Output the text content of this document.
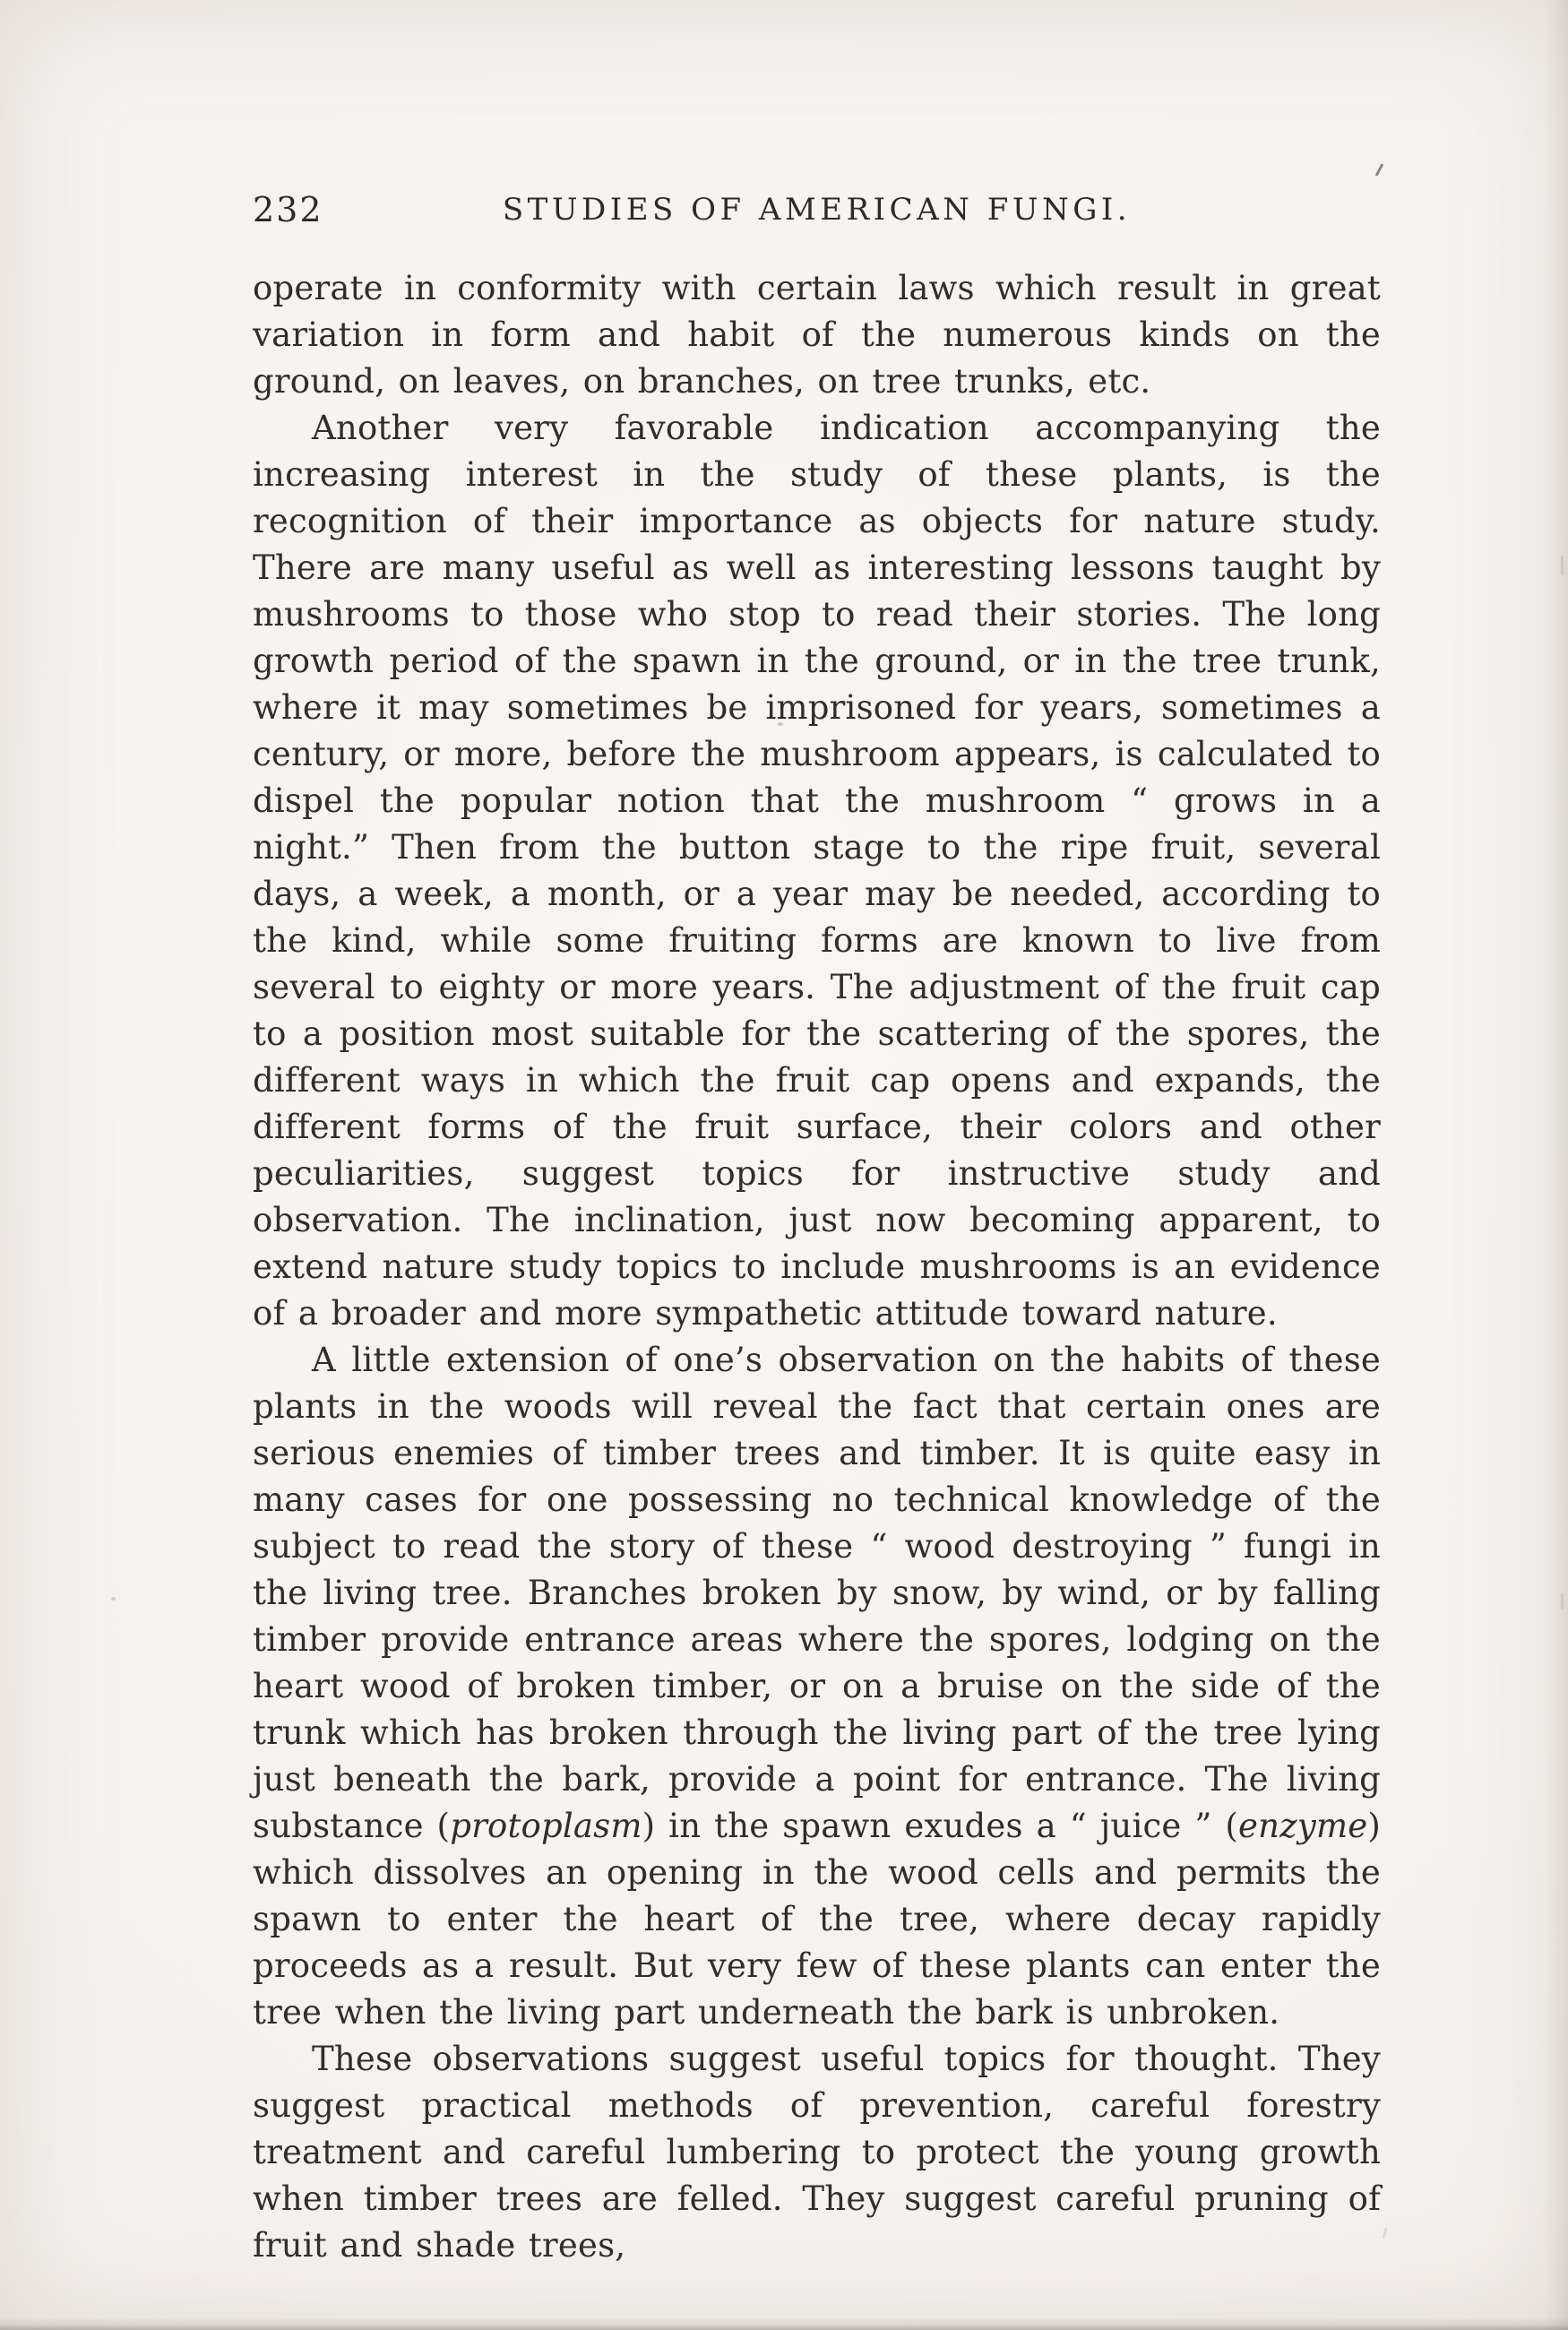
232	STUDIES OF AMERICAN FUNGI.

operate in conformity with certain laws which result in great variation in form and habit of the numerous kinds on the ground, on leaves, on branches, on tree trunks, etc.

Another very favorable indication accompanying the increasing interest in the study of these plants, is the recognition of their importance as objects for nature study. There are many useful as well as interesting lessons taught by mushrooms to those who stop to read their stories. The long growth period of the spawn in the ground, or in the tree trunk, where it may sometimes be imprisoned for years, sometimes a century, or more, before the mushroom appears, is calculated to dispel the popular notion that the mushroom “ grows in a night.” Then from the button stage to the ripe fruit, several days, a week, a month, or a year may be needed, according to the kind, while some fruiting forms are known to live from several to eighty or more years. The adjustment of the fruit cap to a position most suitable for the scattering of the spores, the different ways in which the fruit cap opens and expands, the different forms of the fruit surface, their colors and other peculiarities, suggest topics for instructive study and observation. The inclination, just now becoming apparent, to extend nature study topics to include mushrooms is an evidence of a broader and more sympathetic attitude toward nature.

A little extension of one’s observation on the habits of these plants in the woods will reveal the fact that certain ones are serious enemies of timber trees and timber. It is quite easy in many cases for one possessing no technical knowledge of the subject to read the story of these “ wood destroying ” fungi in the living tree. Branches broken by snow, by wind, or by falling timber provide entrance areas where the spores, lodging on the heart wood of broken timber, or on a bruise on the side of the trunk which has broken through the living part of the tree lying just beneath the bark, provide a point for entrance. The living substance (protoplasm) in the spawn exudes a “ juice ” (enzyme) which dissolves an opening in the wood cells and permits the spawn to enter the heart of the tree, where decay rapidly proceeds as a result. But very few of these plants can enter the tree when the living part underneath the bark is unbroken.

These observations suggest useful topics for thought. They suggest practical methods of prevention, careful forestry treatment and careful lumbering to protect the young growth when timber trees are felled. They suggest careful pruning of fruit and shade trees,
